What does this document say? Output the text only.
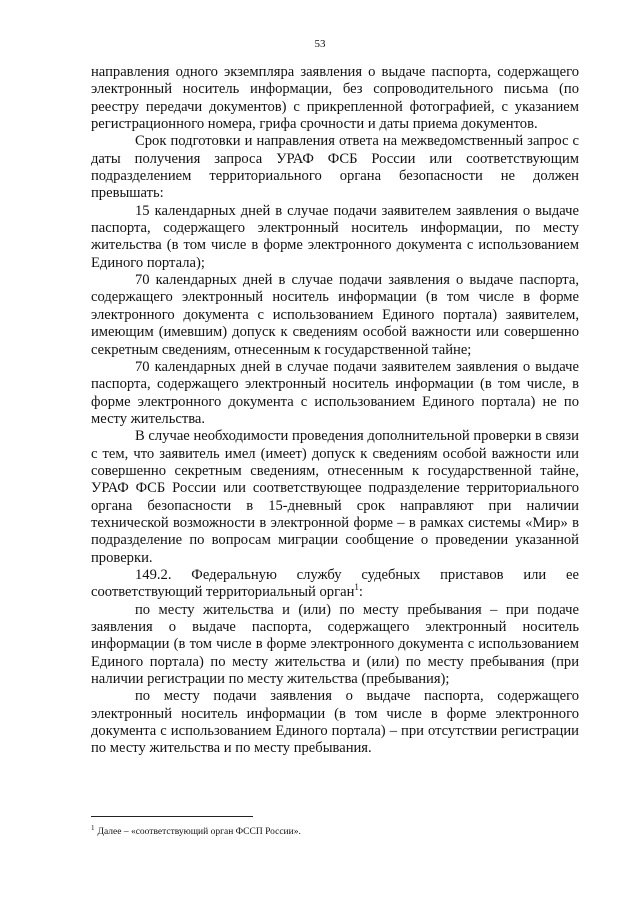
53

направления одного экземпляра заявления о выдаче паспорта, содержащего электронный носитель информации, без сопроводительного письма (по реестру передачи документов) с прикрепленной фотографией, с указанием регистрационного номера, грифа срочности и даты приема документов.

Срок подготовки и направления ответа на межведомственный запрос с даты получения запроса УРАФ ФСБ России или соответствующим подразделением территориального органа безопасности не должен превышать:

15 календарных дней в случае подачи заявителем заявления о выдаче паспорта, содержащего электронный носитель информации, по месту жительства (в том числе в форме электронного документа с использованием Единого портала);

70 календарных дней в случае подачи заявления о выдаче паспорта, содержащего электронный носитель информации (в том числе в форме электронного документа с использованием Единого портала) заявителем, имеющим (имевшим) допуск к сведениям особой важности или совершенно секретным сведениям, отнесенным к государственной тайне;

70 календарных дней в случае подачи заявителем заявления о выдаче паспорта, содержащего электронный носитель информации (в том числе, в форме электронного документа с использованием Единого портала) не по месту жительства.

В случае необходимости проведения дополнительной проверки в связи с тем, что заявитель имел (имеет) допуск к сведениям особой важности или совершенно секретным сведениям, отнесенным к государственной тайне, УРАФ ФСБ России или соответствующее подразделение территориального органа безопасности в 15-дневный срок направляют при наличии технической возможности в электронной форме – в рамках системы «Мир» в подразделение по вопросам миграции сообщение о проведении указанной проверки.

149.2. Федеральную службу судебных приставов или ее соответствующий территориальный орган$^1$:

по месту жительства и (или) по месту пребывания – при подаче заявления о выдаче паспорта, содержащего электронный носитель информации (в том числе в форме электронного документа с использованием Единого портала) по месту жительства и (или) по месту пребывания (при наличии регистрации по месту жительства (пребывания);

по месту подачи заявления о выдаче паспорта, содержащего электронный носитель информации (в том числе в форме электронного документа с использованием Единого портала) – при отсутствии регистрации по месту жительства и по месту пребывания.

$^1$ Далее – «соответствующий орган ФССП России».
